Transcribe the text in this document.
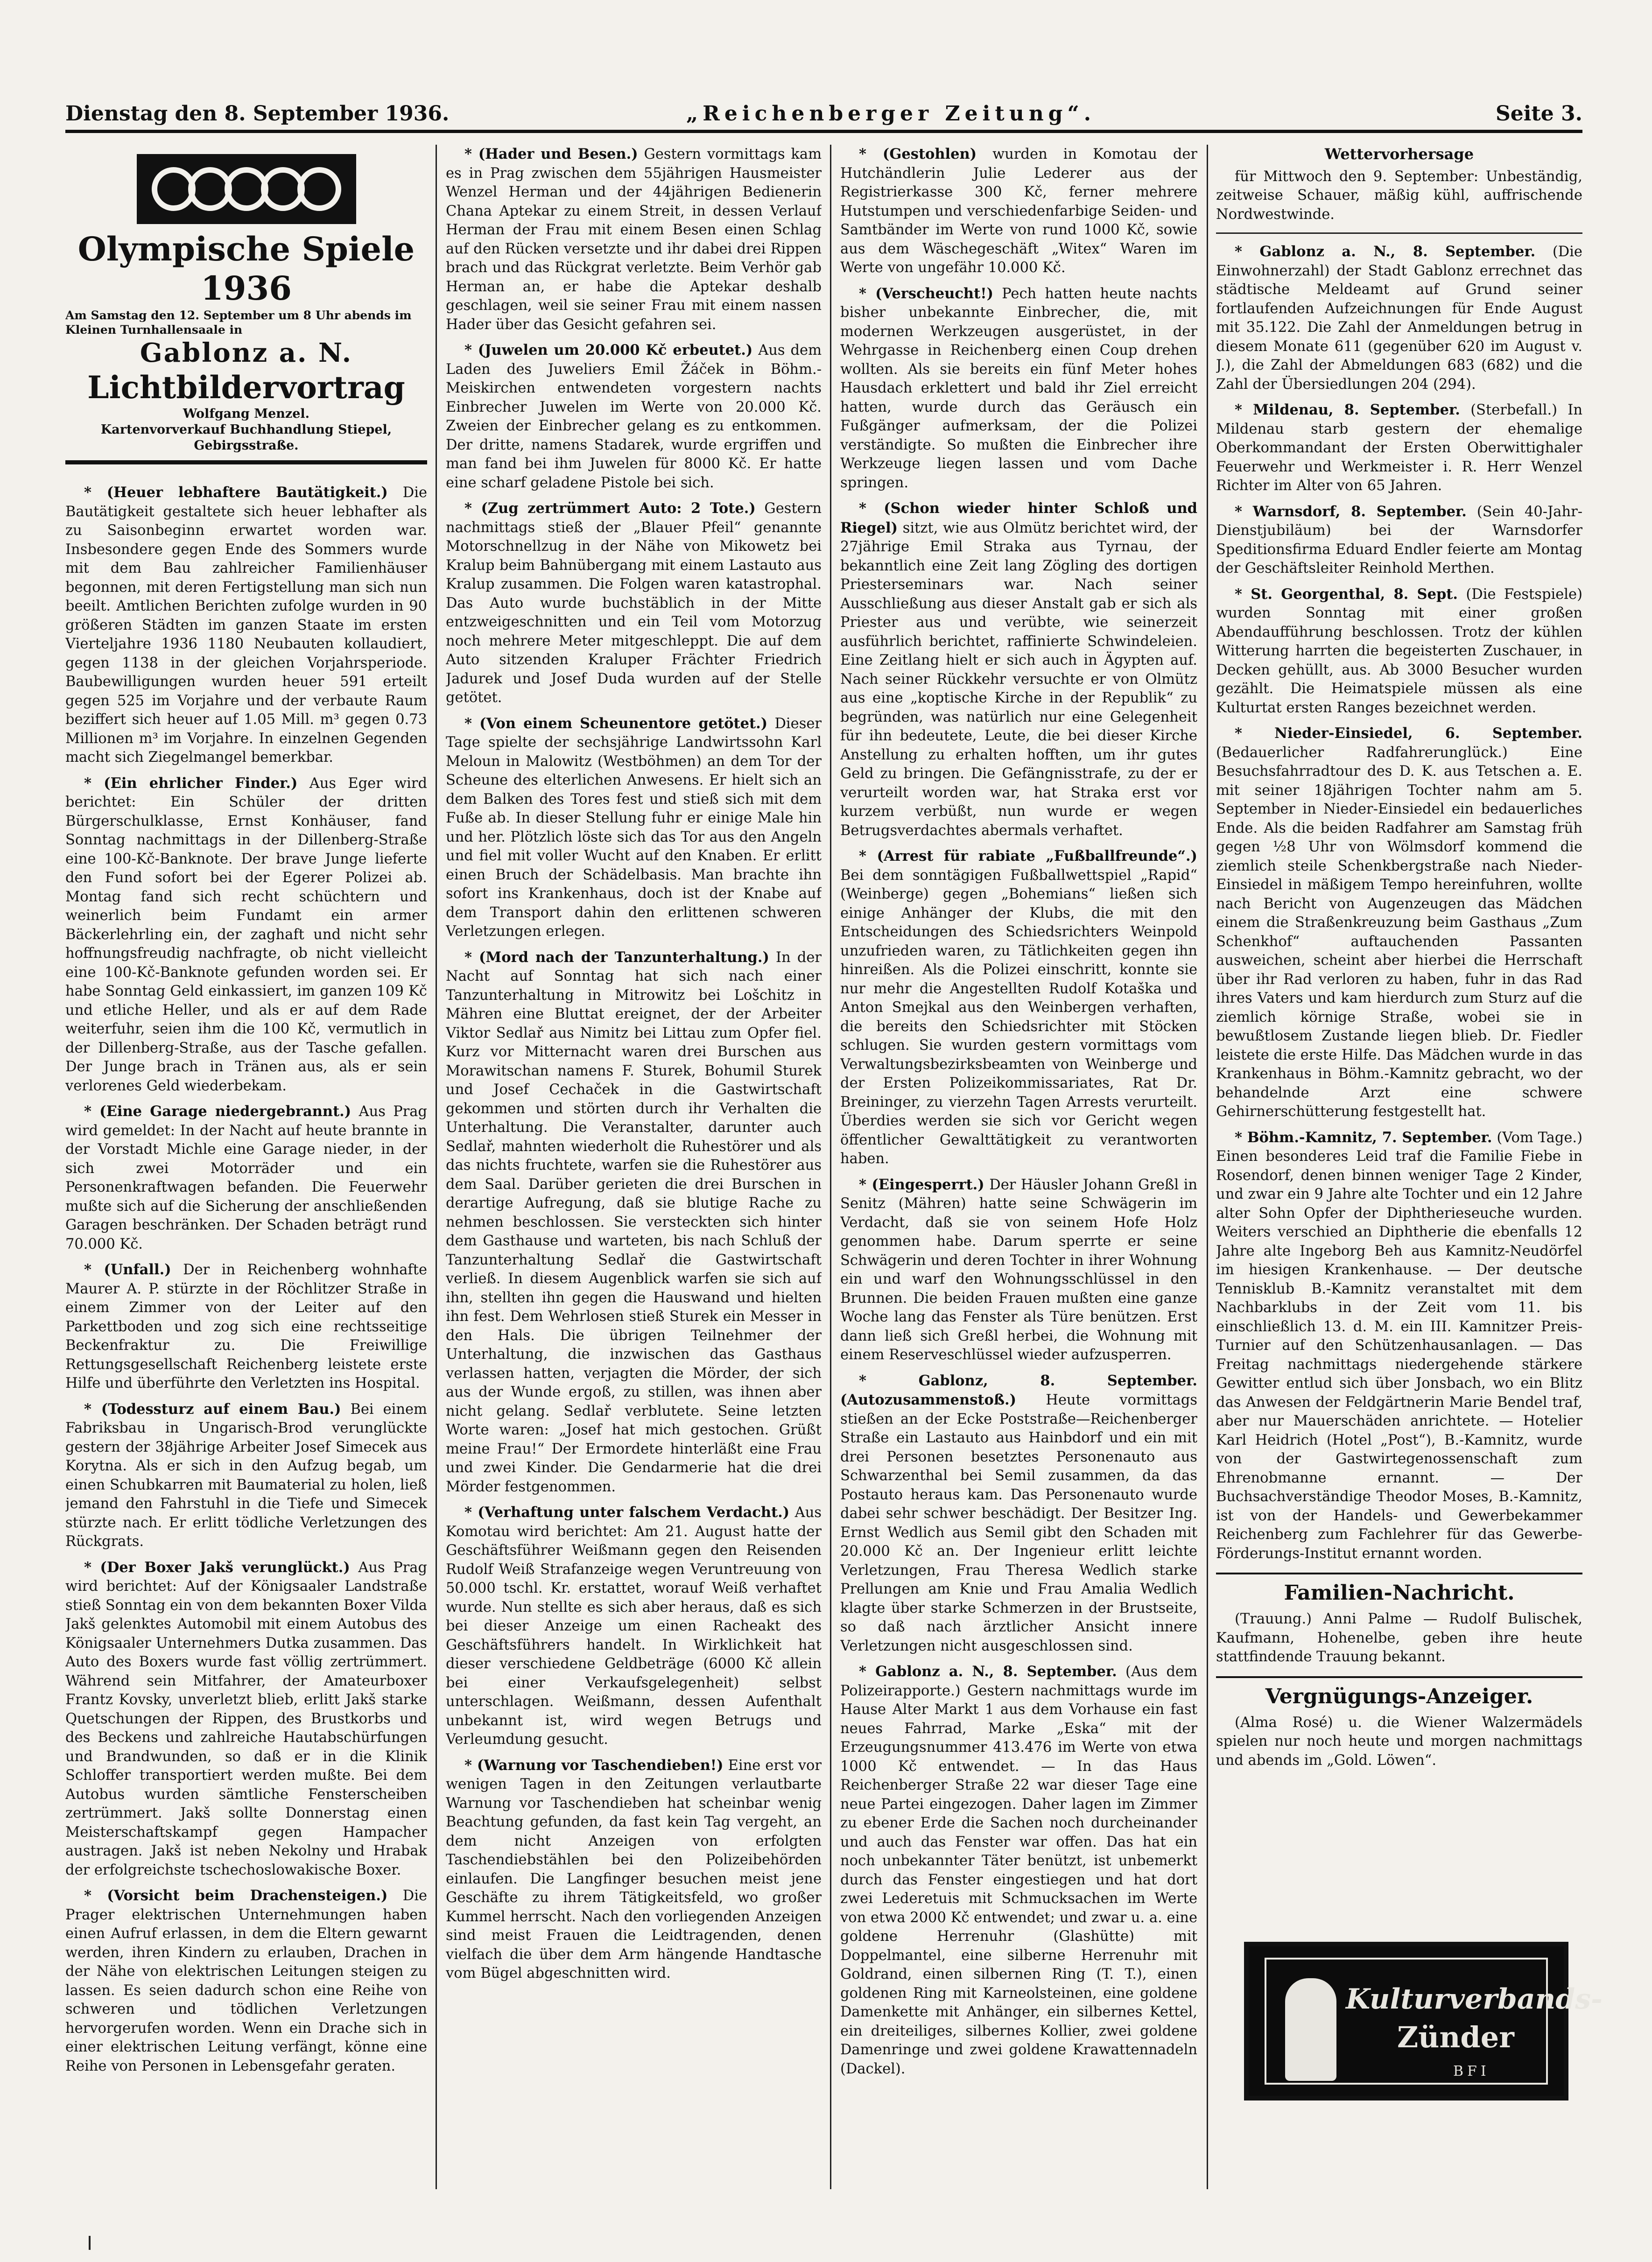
Dienstag den 8. September 1936.	„Reichenberger Zeitung“.	Seite 3.
Olympische Spiele 1936
Am Samstag den 12. September um 8 Uhr abends im Kleinen Turnhallensaale in
Gablonz a. N.
Lichtbildervortrag
Wolfgang Menzel.
Kartenvorverkauf Buchhandlung Stiepel, Gebirgsstraße.

* (Heuer lebhaftere Bautätigkeit.) Die Bautätigkeit gestaltete sich heuer lebhafter als zu Saisonbeginn erwartet worden war. Insbesondere gegen Ende des Sommers wurde mit dem Bau zahlreicher Familienhäuser begonnen, mit deren Fertigstellung man sich nun beeilt. Amtlichen Berichten zufolge wurden in 90 größeren Städten im ganzen Staate im ersten Vierteljahre 1936 1180 Neubauten kollaudiert, gegen 1138 in der gleichen Vorjahrsperiode. Baubewilligungen wurden heuer 591 erteilt gegen 525 im Vorjahre und der verbaute Raum beziffert sich heuer auf 1.05 Mill. m³ gegen 0.73 Millionen m³ im Vorjahre. In einzelnen Gegenden macht sich Ziegelmangel bemerkbar.

* (Ein ehrlicher Finder.) Aus Eger wird berichtet: Ein Schüler der dritten Bürgerschulklasse, Ernst Konhäuser, fand Sonntag nachmittags in der Dillenberg-Straße eine 100-Kč-Banknote. Der brave Junge lieferte den Fund sofort bei der Egerer Polizei ab. Montag fand sich recht schüchtern und weinerlich beim Fundamt ein armer Bäckerlehrling ein, der zaghaft und nicht sehr hoffnungsfreudig nachfragte, ob nicht vielleicht eine 100-Kč-Banknote gefunden worden sei. Er habe Sonntag Geld einkassiert, im ganzen 109 Kč und etliche Heller, und als er auf dem Rade weiterfuhr, seien ihm die 100 Kč, vermutlich in der Dillenberg-Straße, aus der Tasche gefallen. Der Junge brach in Tränen aus, als er sein verlorenes Geld wiederbekam.

* (Eine Garage niedergebrannt.) Aus Prag wird gemeldet: In der Nacht auf heute brannte in der Vorstadt Michle eine Garage nieder, in der sich zwei Motorräder und ein Personenkraftwagen befanden. Die Feuerwehr mußte sich auf die Sicherung der anschließenden Garagen beschränken. Der Schaden beträgt rund 70.000 Kč.

* (Unfall.) Der in Reichenberg wohnhafte Maurer A. P. stürzte in der Röchlitzer Straße in einem Zimmer von der Leiter auf den Parkettboden und zog sich eine rechtsseitige Beckenfraktur zu. Die Freiwillige Rettungsgesellschaft Reichenberg leistete erste Hilfe und überführte den Verletzten ins Hospital.

* (Todessturz auf einem Bau.) Bei einem Fabriksbau in Ungarisch-Brod verunglückte gestern der 38jährige Arbeiter Josef Simecek aus Korytna. Als er sich in den Aufzug begab, um einen Schubkarren mit Baumaterial zu holen, ließ jemand den Fahrstuhl in die Tiefe und Simecek stürzte nach. Er erlitt tödliche Verletzungen des Rückgrats.

* (Der Boxer Jakš verunglückt.) Aus Prag wird berichtet: Auf der Königsaaler Landstraße stieß Sonntag ein von dem bekannten Boxer Vilda Jakš gelenktes Automobil mit einem Autobus des Königsaaler Unternehmers Dutka zusammen. Das Auto des Boxers wurde fast völlig zertrümmert. Während sein Mitfahrer, der Amateurboxer Frantz Kovsky, unverletzt blieb, erlitt Jakš starke Quetschungen der Rippen, des Brustkorbs und des Beckens und zahlreiche Hautabschürfungen und Brandwunden, so daß er in die Klinik Schloffer transportiert werden mußte. Bei dem Autobus wurden sämtliche Fensterscheiben zertrümmert. Jakš sollte Donnerstag einen Meisterschaftskampf gegen Hampacher austragen. Jakš ist neben Nekolny und Hrabak der erfolgreichste tschechoslowakische Boxer.

* (Vorsicht beim Drachensteigen.) Die Prager elektrischen Unternehmungen haben einen Aufruf erlassen, in dem die Eltern gewarnt werden, ihren Kindern zu erlauben, Drachen in der Nähe von elektrischen Leitungen steigen zu lassen. Es seien dadurch schon eine Reihe von schweren und tödlichen Verletzungen hervorgerufen worden. Wenn ein Drache sich in einer elektrischen Leitung verfängt, könne eine Reihe von Personen in Lebensgefahr geraten.

* (Hader und Besen.) Gestern vormittags kam es in Prag zwischen dem 55jährigen Hausmeister Wenzel Herman und der 44jährigen Bedienerin Chana Aptekar zu einem Streit, in dessen Verlauf Herman der Frau mit einem Besen einen Schlag auf den Rücken versetzte und ihr dabei drei Rippen brach und das Rückgrat verletzte. Beim Verhör gab Herman an, er habe die Aptekar deshalb geschlagen, weil sie seiner Frau mit einem nassen Hader über das Gesicht gefahren sei.

* (Juwelen um 20.000 Kč erbeutet.) Aus dem Laden des Juweliers Emil Žáček in Böhm.-Meiskirchen entwendeten vorgestern nachts Einbrecher Juwelen im Werte von 20.000 Kč. Zweien der Einbrecher gelang es zu entkommen. Der dritte, namens Stadarek, wurde ergriffen und man fand bei ihm Juwelen für 8000 Kč. Er hatte eine scharf geladene Pistole bei sich.

* (Zug zertrümmert Auto: 2 Tote.) Gestern nachmittags stieß der „Blauer Pfeil“ genannte Motorschnellzug in der Nähe von Mikowetz bei Kralup beim Bahnübergang mit einem Lastauto aus Kralup zusammen. Die Folgen waren katastrophal. Das Auto wurde buchstäblich in der Mitte entzweigeschnitten und ein Teil vom Motorzug noch mehrere Meter mitgeschleppt. Die auf dem Auto sitzenden Kraluper Frächter Friedrich Jadurek und Josef Duda wurden auf der Stelle getötet.

* (Von einem Scheunentore getötet.) Dieser Tage spielte der sechsjährige Landwirtssohn Karl Meloun in Malowitz (Westböhmen) an dem Tor der Scheune des elterlichen Anwesens. Er hielt sich an dem Balken des Tores fest und stieß sich mit dem Fuße ab. In dieser Stellung fuhr er einige Male hin und her. Plötzlich löste sich das Tor aus den Angeln und fiel mit voller Wucht auf den Knaben. Er erlitt einen Bruch der Schädelbasis. Man brachte ihn sofort ins Krankenhaus, doch ist der Knabe auf dem Transport dahin den erlittenen schweren Verletzungen erlegen.

* (Mord nach der Tanzunterhaltung.) In der Nacht auf Sonntag hat sich nach einer Tanzunterhaltung in Mitrowitz bei Lošchitz in Mähren eine Bluttat ereignet, der der Arbeiter Viktor Sedlař aus Nimitz bei Littau zum Opfer fiel. Kurz vor Mitternacht waren drei Burschen aus Morawitschan namens F. Sturek, Bohumil Sturek und Josef Cechaček in die Gastwirtschaft gekommen und störten durch ihr Verhalten die Unterhaltung. Die Veranstalter, darunter auch Sedlař, mahnten wiederholt die Ruhestörer und als das nichts fruchtete, warfen sie die Ruhestörer aus dem Saal. Darüber gerieten die drei Burschen in derartige Aufregung, daß sie blutige Rache zu nehmen beschlossen. Sie versteckten sich hinter dem Gasthause und warteten, bis nach Schluß der Tanzunterhaltung Sedlař die Gastwirtschaft verließ. In diesem Augenblick warfen sie sich auf ihn, stellten ihn gegen die Hauswand und hielten ihn fest. Dem Wehrlosen stieß Sturek ein Messer in den Hals. Die übrigen Teilnehmer der Unterhaltung, die inzwischen das Gasthaus verlassen hatten, verjagten die Mörder, der sich aus der Wunde ergoß, zu stillen, was ihnen aber nicht gelang. Sedlař verblutete. Seine letzten Worte waren: „Josef hat mich gestochen. Grüßt meine Frau!“ Der Ermordete hinterläßt eine Frau und zwei Kinder. Die Gendarmerie hat die drei Mörder festgenommen.

* (Verhaftung unter falschem Verdacht.) Aus Komotau wird berichtet: Am 21. August hatte der Geschäftsführer Weißmann gegen den Reisenden Rudolf Weiß Strafanzeige wegen Veruntreuung von 50.000 tschl. Kr. erstattet, worauf Weiß verhaftet wurde. Nun stellte es sich aber heraus, daß es sich bei dieser Anzeige um einen Racheakt des Geschäftsführers handelt. In Wirklichkeit hat dieser verschiedene Geldbeträge (6000 Kč allein bei einer Verkaufsgelegenheit) selbst unterschlagen. Weißmann, dessen Aufenthalt unbekannt ist, wird wegen Betrugs und Verleumdung gesucht.

* (Warnung vor Taschendieben!) Eine erst vor wenigen Tagen in den Zeitungen verlautbarte Warnung vor Taschendieben hat scheinbar wenig Beachtung gefunden, da fast kein Tag vergeht, an dem nicht Anzeigen von erfolgten Taschendiebstählen bei den Polizeibehörden einlaufen. Die Langfinger besuchen meist jene Geschäfte zu ihrem Tätigkeitsfeld, wo großer Kummel herrscht. Nach den vorliegenden Anzeigen sind meist Frauen die Leidtragenden, denen vielfach die über dem Arm hängende Handtasche vom Bügel abgeschnitten wird.

* (Gestohlen) wurden in Komotau der Hutchändlerin Julie Lederer aus der Registrierkasse 300 Kč, ferner mehrere Hutstumpen und verschiedenfarbige Seiden- und Samtbänder im Werte von rund 1000 Kč, sowie aus dem Wäschegeschäft „Witex“ Waren im Werte von ungefähr 10.000 Kč.

* (Verscheucht!) Pech hatten heute nachts bisher unbekannte Einbrecher, die, mit modernen Werkzeugen ausgerüstet, in der Wehrgasse in Reichenberg einen Coup drehen wollten. Als sie bereits ein fünf Meter hohes Hausdach erklettert und bald ihr Ziel erreicht hatten, wurde durch das Geräusch ein Fußgänger aufmerksam, der die Polizei verständigte. So mußten die Einbrecher ihre Werkzeuge liegen lassen und vom Dache springen.

* (Schon wieder hinter Schloß und Riegel) sitzt, wie aus Olmütz berichtet wird, der 27jährige Emil Straka aus Tyrnau, der bekanntlich eine Zeit lang Zögling des dortigen Priesterseminars war. Nach seiner Ausschließung aus dieser Anstalt gab er sich als Priester aus und verübte, wie seinerzeit ausführlich berichtet, raffinierte Schwindeleien. Eine Zeitlang hielt er sich auch in Ägypten auf. Nach seiner Rückkehr versuchte er von Olmütz aus eine „koptische Kirche in der Republik“ zu begründen, was natürlich nur eine Gelegenheit für ihn bedeutete, Leute, die bei dieser Kirche Anstellung zu erhalten hofften, um ihr gutes Geld zu bringen. Die Gefängnisstrafe, zu der er verurteilt worden war, hat Straka erst vor kurzem verbüßt, nun wurde er wegen Betrugsverdachtes abermals verhaftet.

* (Arrest für rabiate „Fußballfreunde“.) Bei dem sonntägigen Fußballwettspiel „Rapid“ (Weinberge) gegen „Bohemians“ ließen sich einige Anhänger der Klubs, die mit den Entscheidungen des Schiedsrichters Weinpold unzufrieden waren, zu Tätlichkeiten gegen ihn hinreißen. Als die Polizei einschritt, konnte sie nur mehr die Angestellten Rudolf Kotaška und Anton Smejkal aus den Weinbergen verhaften, die bereits den Schiedsrichter mit Stöcken schlugen. Sie wurden gestern vormittags vom Verwaltungsbezirksbeamten von Weinberge und der Ersten Polizeikommissariates, Rat Dr. Breininger, zu vierzehn Tagen Arrests verurteilt. Überdies werden sie sich vor Gericht wegen öffentlicher Gewalttätigkeit zu verantworten haben.

* (Eingesperrt.) Der Häusler Johann Greßl in Senitz (Mähren) hatte seine Schwägerin im Verdacht, daß sie von seinem Hofe Holz genommen habe. Darum sperrte er seine Schwägerin und deren Tochter in ihrer Wohnung ein und warf den Wohnungsschlüssel in den Brunnen. Die beiden Frauen mußten eine ganze Woche lang das Fenster als Türe benützen. Erst dann ließ sich Greßl herbei, die Wohnung mit einem Reserveschlüssel wieder aufzusperren.

* Gablonz, 8. September. (Autozusammenstoß.) Heute vormittags stießen an der Ecke Poststraße—Reichenberger Straße ein Lastauto aus Hainbdorf und ein mit drei Personen besetztes Personenauto aus Schwarzenthal bei Semil zusammen, da das Postauto heraus kam. Das Personenauto wurde dabei sehr schwer beschädigt. Der Besitzer Ing. Ernst Wedlich aus Semil gibt den Schaden mit 20.000 Kč an. Der Ingenieur erlitt leichte Verletzungen, Frau Theresa Wedlich starke Prellungen am Knie und Frau Amalia Wedlich klagte über starke Schmerzen in der Brustseite, so daß nach ärztlicher Ansicht innere Verletzungen nicht ausgeschlossen sind.

* Gablonz a. N., 8. September. (Aus dem Polizeirapporte.) Gestern nachmittags wurde im Hause Alter Markt 1 aus dem Vorhause ein fast neues Fahrrad, Marke „Eska“ mit der Erzeugungsnummer 413.476 im Werte von etwa 1000 Kč entwendet. — In das Haus Reichenberger Straße 22 war dieser Tage eine neue Partei eingezogen. Daher lagen im Zimmer zu ebener Erde die Sachen noch durcheinander und auch das Fenster war offen. Das hat ein noch unbekannter Täter benützt, ist unbemerkt durch das Fenster eingestiegen und hat dort zwei Lederetuis mit Schmucksachen im Werte von etwa 2000 Kč entwendet; und zwar u. a. eine goldene Herrenuhr (Glashütte) mit Doppelmantel, eine silberne Herrenuhr mit Goldrand, einen silbernen Ring (T. T.), einen goldenen Ring mit Karneolsteinen, eine goldene Damenkette mit Anhänger, ein silbernes Kettel, ein dreiteiliges, silbernes Kollier, zwei goldene Damenringe und zwei goldene Krawattennadeln (Dackel).

Wettervorhersage

für Mittwoch den 9. September: Unbeständig, zeitweise Schauer, mäßig kühl, auffrischende Nordwestwinde.

* Gablonz a. N., 8. September. (Die Einwohnerzahl) der Stadt Gablonz errechnet das städtische Meldeamt auf Grund seiner fortlaufenden Aufzeichnungen für Ende August mit 35.122. Die Zahl der Anmeldungen betrug in diesem Monate 611 (gegenüber 620 im August v. J.), die Zahl der Abmeldungen 683 (682) und die Zahl der Übersiedlungen 204 (294).

* Mildenau, 8. September. (Sterbefall.) In Mildenau starb gestern der ehemalige Oberkommandant der Ersten Oberwittighaler Feuerwehr und Werkmeister i. R. Herr Wenzel Richter im Alter von 65 Jahren.

* Warnsdorf, 8. September. (Sein 40-Jahr-Dienstjubiläum) bei der Warnsdorfer Speditionsfirma Eduard Endler feierte am Montag der Geschäftsleiter Reinhold Merthen.

* St. Georgenthal, 8. Sept. (Die Festspiele) wurden Sonntag mit einer großen Abendaufführung beschlossen. Trotz der kühlen Witterung harrten die begeisterten Zuschauer, in Decken gehüllt, aus. Ab 3000 Besucher wurden gezählt. Die Heimatspiele müssen als eine Kulturtat ersten Ranges bezeichnet werden.

* Nieder-Einsiedel, 6. September. (Bedauerlicher Radfahrerunglück.) Eine Besuchsfahrradtour des D. K. aus Tetschen a. E. mit seiner 18jährigen Tochter nahm am 5. September in Nieder-Einsiedel ein bedauerliches Ende. Als die beiden Radfahrer am Samstag früh gegen ½8 Uhr von Wölmsdorf kommend die ziemlich steile Schenkbergstraße nach Nieder-Einsiedel in mäßigem Tempo hereinfuhren, wollte nach Bericht von Augenzeugen das Mädchen einem die Straßenkreuzung beim Gasthaus „Zum Schenkhof“ auftauchenden Passanten ausweichen, scheint aber hierbei die Herrschaft über ihr Rad verloren zu haben, fuhr in das Rad ihres Vaters und kam hierdurch zum Sturz auf die ziemlich körnige Straße, wobei sie in bewußtlosem Zustande liegen blieb. Dr. Fiedler leistete die erste Hilfe. Das Mädchen wurde in das Krankenhaus in Böhm.-Kamnitz gebracht, wo der behandelnde Arzt eine schwere Gehirnerschütterung festgestellt hat.

* Böhm.-Kamnitz, 7. September. (Vom Tage.) Einen besonderes Leid traf die Familie Fiebe in Rosendorf, denen binnen weniger Tage 2 Kinder, und zwar ein 9 Jahre alte Tochter und ein 12 Jahre alter Sohn Opfer der Diphtherieseuche wurden. Weiters verschied an Diphtherie die ebenfalls 12 Jahre alte Ingeborg Beh aus Kamnitz-Neudörfel im hiesigen Krankenhause. — Der deutsche Tennisklub B.-Kamnitz veranstaltet mit dem Nachbarklubs in der Zeit vom 11. bis einschließlich 13. d. M. ein III. Kamnitzer Preis-Turnier auf den Schützenhausanlagen. — Das Freitag nachmittags niedergehende stärkere Gewitter entlud sich über Jonsbach, wo ein Blitz das Anwesen der Feldgärtnerin Marie Bendel traf, aber nur Mauerschäden anrichtete. — Hotelier Karl Heidrich (Hotel „Post“), B.-Kamnitz, wurde von der Gastwirtegenossenschaft zum Ehrenobmanne ernannt. — Der Buchsachverständige Theodor Moses, B.-Kamnitz, ist von der Handels- und Gewerbekammer Reichenberg zum Fachlehrer für das Gewerbe-Förderungs-Institut ernannt worden.

Familien-Nachricht.

(Trauung.) Anni Palme — Rudolf Bulischek, Kaufmann, Hohenelbe, geben ihre heute stattfindende Trauung bekannt.

Vergnügungs-Anzeiger.

(Alma Rosé) u. die Wiener Walzermädels spielen nur noch heute und morgen nachmittags und abends im „Gold. Löwen“.

Kulturverbands-
Zünder
BFI
